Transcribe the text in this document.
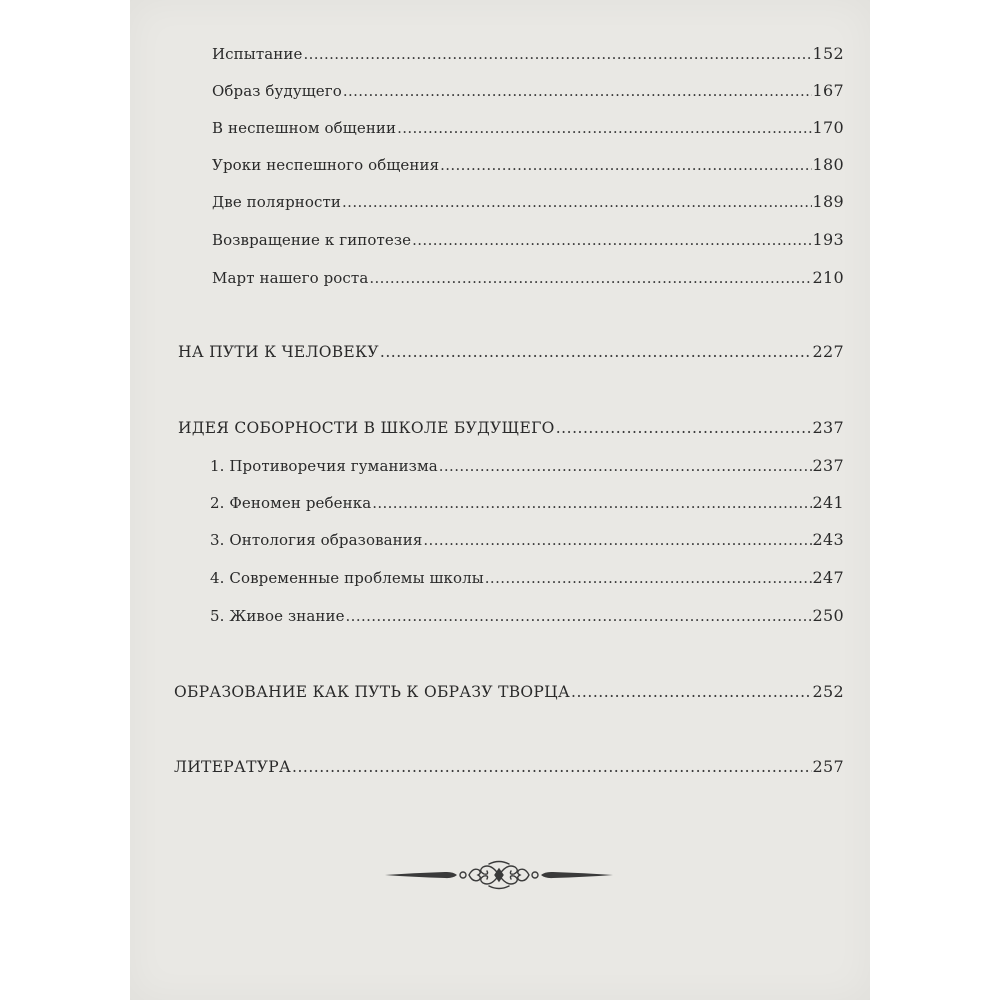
Испытание . . .	152
Образ будущего . . .	167
В неспешном общении . . .	170
Уроки неспешного общения . . .	180
Две полярности . . .	189
Возвращение к гипотезе . . .	193
Март нашего роста . . .	210
НА ПУТИ К ЧЕЛОВЕКУ . . .	227
ИДЕЯ СОБОРНОСТИ В ШКОЛЕ БУДУЩЕГО . . .	237
1. Противоречия гуманизма . . .	237
2. Феномен ребенка . . .	241
3. Онтология образования . . .	243
4. Современные проблемы школы . . .	247
5. Живое знание . . .	250
ОБРАЗОВАНИЕ КАК ПУТЬ К ОБРАЗУ ТВОРЦА . . .	252
ЛИТЕРАТУРА . . .	257
